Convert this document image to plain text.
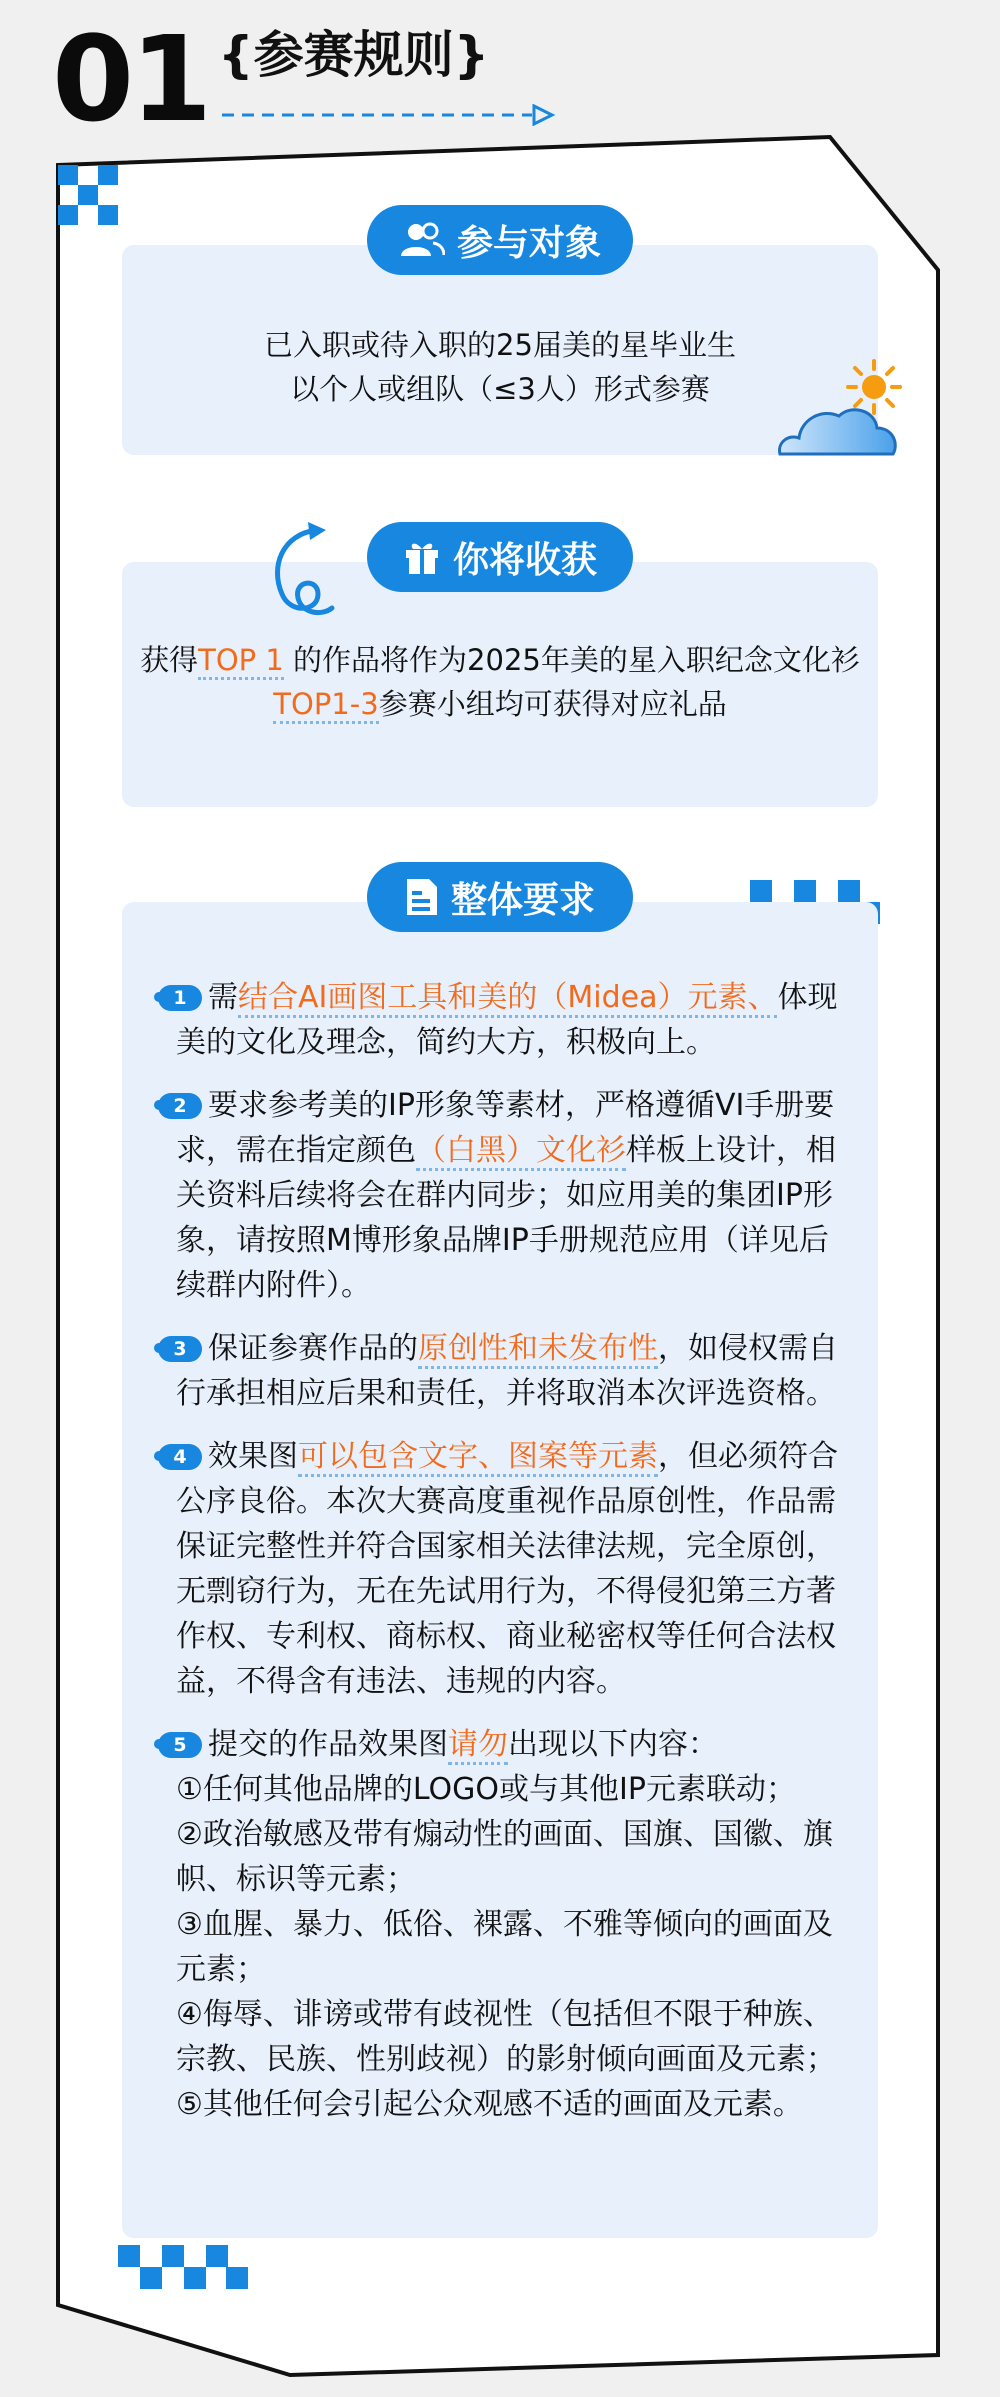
01 {参赛规则}
已入职或待入职的25届美的星毕业生
以个人或组队（≤3人）形式参赛
参与对象
获得TOP 1 的作品将作为2025年美的星入职纪念文化衫
TOP1-3参赛小组均可获得对应礼品
你将收获
整体要求
1 需结合AI画图工具和美的（Midea）元素、体现美的文化及理念，简约大方，积极向上。
2 要求参考美的IP形象等素材，严格遵循VI手册要求，需在指定颜色（白黑）文化衫样板上设计，相关资料后续将会在群内同步；如应用美的集团IP形象，请按照M博形象品牌IP手册规范应用（详见后续群内附件）。
3 保证参赛作品的原创性和未发布性，如侵权需自行承担相应后果和责任，并将取消本次评选资格。
4 效果图可以包含文字、图案等元素，但必须符合公序良俗。本次大赛高度重视作品原创性，作品需保证完整性并符合国家相关法律法规，完全原创，无剽窃行为，无在先试用行为，不得侵犯第三方著作权、专利权、商标权、商业秘密权等任何合法权益，不得含有违法、违规的内容。
5 提交的作品效果图请勿出现以下内容：
①任何其他品牌的LOGO或与其他IP元素联动；
②政治敏感及带有煽动性的画面、国旗、国徽、旗帜、标识等元素；
③血腥、暴力、低俗、裸露、不雅等倾向的画面及元素；
④侮辱、诽谤或带有歧视性（包括但不限于种族、宗教、民族、性别歧视）的影射倾向画面及元素；
⑤其他任何会引起公众观感不适的画面及元素。
